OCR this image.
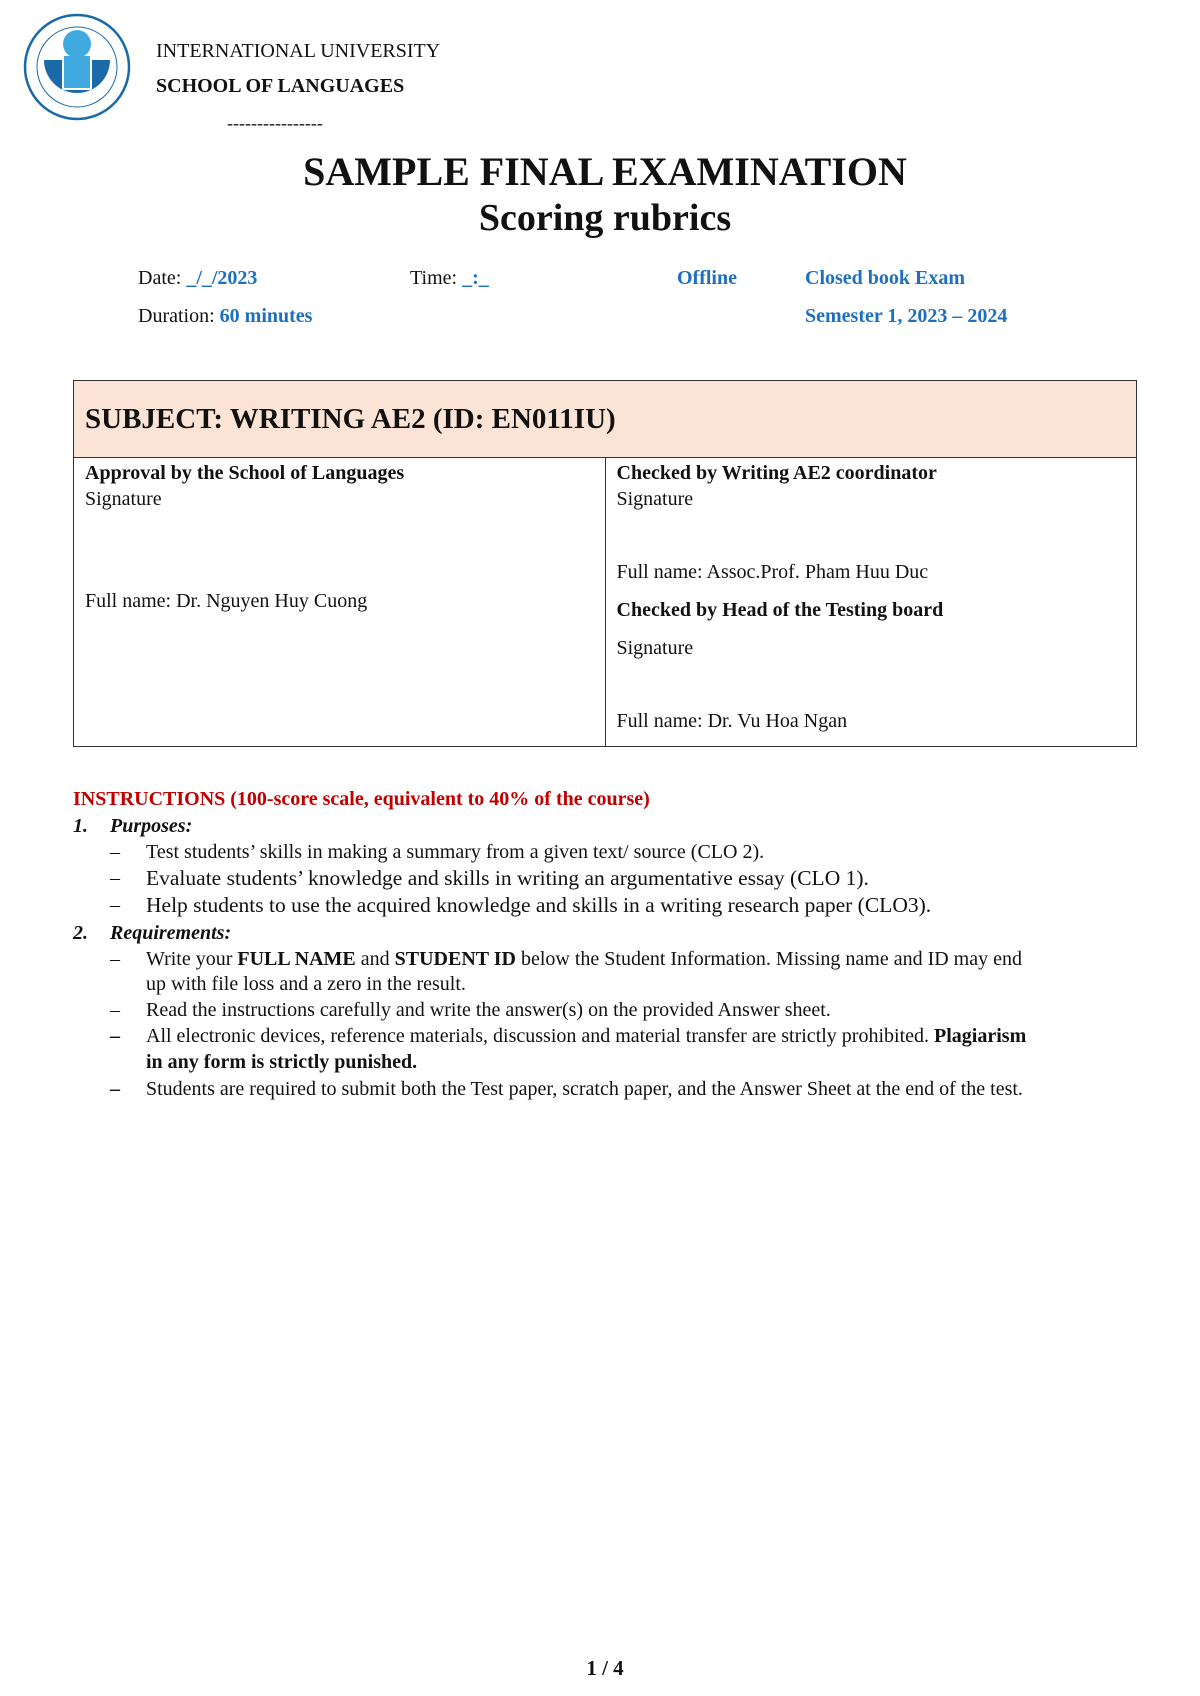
INTERNATIONAL UNIVERSITY
SCHOOL OF LANGUAGES
----------------
SAMPLE FINAL EXAMINATION
Scoring rubrics
Date: _/_/2023	Time: _:_	Offline	Closed book Exam
Duration: 60 minutes	Semester 1, 2023 – 2024
SUBJECT: WRITING AE2 (ID: EN011IU)

Approval by the School of Languages
Signature
Full name: Dr. Nguyen Huy Cuong

Checked by Writing AE2 coordinator
Signature
Full name: Assoc.Prof. Pham Huu Duc
Checked by Head of the Testing board
Signature
Full name: Dr. Vu Hoa Ngan
INSTRUCTIONS (100-score scale, equivalent to 40% of the course)
1. Purposes:
– Test students’ skills in making a summary from a given text/ source (CLO 2).
– Evaluate students’ knowledge and skills in writing an argumentative essay (CLO 1).
– Help students to use the acquired knowledge and skills in a writing research paper (CLO3).
2. Requirements:
– Write your FULL NAME and STUDENT ID below the Student Information. Missing name and ID may end
up with file loss and a zero in the result.
– Read the instructions carefully and write the answer(s) on the provided Answer sheet.
– All electronic devices, reference materials, discussion and material transfer are strictly prohibited. Plagiarism
in any form is strictly punished.
– Students are required to submit both the Test paper, scratch paper, and the Answer Sheet at the end of the test.
1 / 4
